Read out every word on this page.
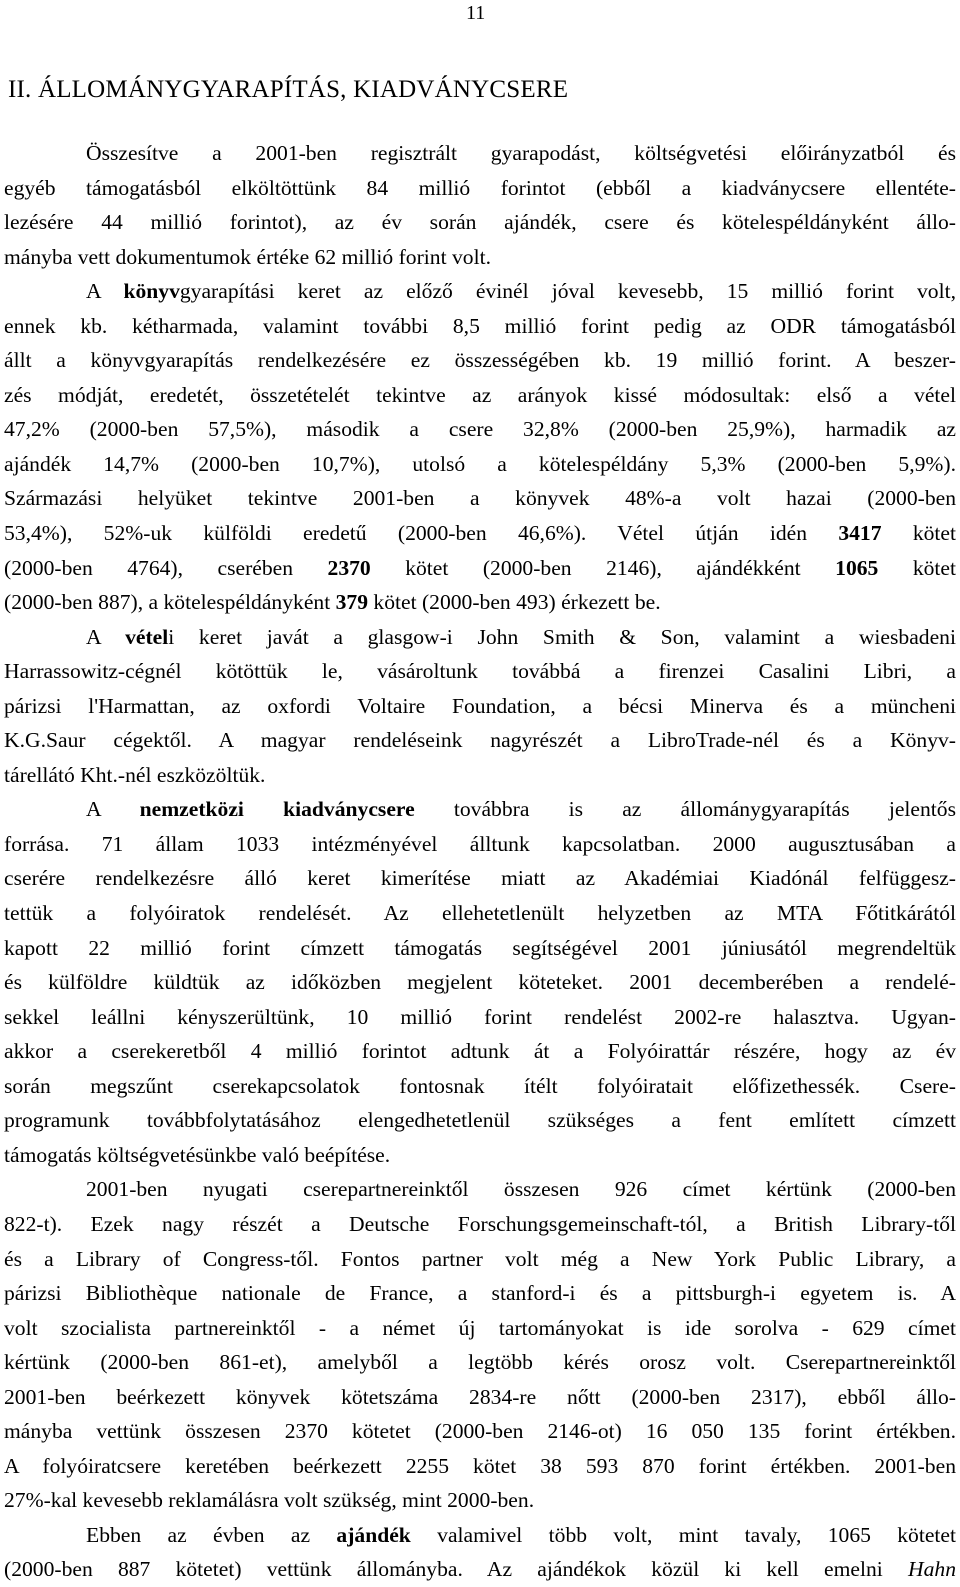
11
II. ÁLLOMÁNYGYARAPÍTÁS, KIADVÁNYCSERE
Összesítve a 2001-ben regisztrált gyarapodást, költségvetési előirányzatból és
egyéb támogatásból elköltöttünk 84 millió forintot (ebből a kiadványcsere ellentéte-
lezésére 44 millió forintot), az év során ajándék, csere és kötelespéldányként állo-
mányba vett dokumentumok értéke 62 millió forint volt.
A könyvgyarapítási keret az előző évinél jóval kevesebb, 15 millió forint volt,
ennek kb. kétharmada, valamint további 8,5 millió forint pedig az ODR támogatásból
állt a könyvgyarapítás rendelkezésére ez összességében kb. 19 millió forint. A beszer-
zés módját, eredetét, összetételét tekintve az arányok kissé módosultak: első a vétel
47,2% (2000-ben 57,5%), második a csere 32,8% (2000-ben 25,9%), harmadik az
ajándék 14,7% (2000-ben 10,7%), utolsó a kötelespéldány 5,3% (2000-ben 5,9%).
Származási helyüket tekintve 2001-ben a könyvek 48%-a volt hazai (2000-ben
53,4%), 52%-uk külföldi eredetű (2000-ben 46,6%). Vétel útján idén 3417 kötet
(2000-ben 4764), cserében 2370 kötet (2000-ben 2146), ajándékként 1065 kötet
(2000-ben 887), a kötelespéldányként 379 kötet (2000-ben 493) érkezett be.
A vételi keret javát a glasgow-i John Smith & Son, valamint a wiesbadeni
Harrassowitz-cégnél kötöttük le, vásároltunk továbbá a firenzei Casalini Libri, a
párizsi l'Harmattan, az oxfordi Voltaire Foundation, a bécsi Minerva és a müncheni
K.G.Saur cégektől. A magyar rendeléseink nagyrészét a LibroTrade-nél és a Könyv-
tárellátó Kht.-nél eszközöltük.
A nemzetközi kiadványcsere továbbra is az állománygyarapítás jelentős
forrása. 71 állam 1033 intézményével álltunk kapcsolatban. 2000 augusztusában a
cserére rendelkezésre álló keret kimerítése miatt az Akadémiai Kiadónál felfüggesz-
tettük a folyóiratok rendelését. Az ellehetetlenült helyzetben az MTA Főtitkárától
kapott 22 millió forint címzett támogatás segítségével 2001 júniusától megrendeltük
és külföldre küldtük az időközben megjelent köteteket. 2001 decemberében a rendelé-
sekkel leállni kényszerültünk, 10 millió forint rendelést 2002-re halasztva. Ugyan-
akkor a cserekeretből 4 millió forintot adtunk át a Folyóirattár részére, hogy az év
során megszűnt cserekapcsolatok fontosnak ítélt folyóiratait előfizethessék. Csere-
programunk továbbfolytatásához elengedhetetlenül szükséges a fent említett címzett
támogatás költségvetésünkbe való beépítése.
2001-ben nyugati cserepartnereinktől összesen 926 címet kértünk (2000-ben
822-t). Ezek nagy részét a Deutsche Forschungsgemeinschaft-tól, a British Library-től
és a Library of Congress-től. Fontos partner volt még a New York Public Library, a
párizsi Bibliothèque nationale de France, a stanford-i és a pittsburgh-i egyetem is. A
volt szocialista partnereinktől - a német új tartományokat is ide sorolva - 629 címet
kértünk (2000-ben 861-et), amelyből a legtöbb kérés orosz volt. Cserepartnereinktől
2001-ben beérkezett könyvek kötetszáma 2834-re nőtt (2000-ben 2317), ebből állo-
mányba vettünk összesen 2370 kötetet (2000-ben 2146-ot) 16 050 135 forint értékben.
A folyóiratcsere keretében beérkezett 2255 kötet 38 593 870 forint értékben. 2001-ben
27%-kal kevesebb reklamálásra volt szükség, mint 2000-ben.
Ebben az évben az ajándék valamivel több volt, mint tavaly, 1065 kötetet
(2000-ben 887 kötetet) vettünk állományba. Az ajándékok közül ki kell emelni Hahn
